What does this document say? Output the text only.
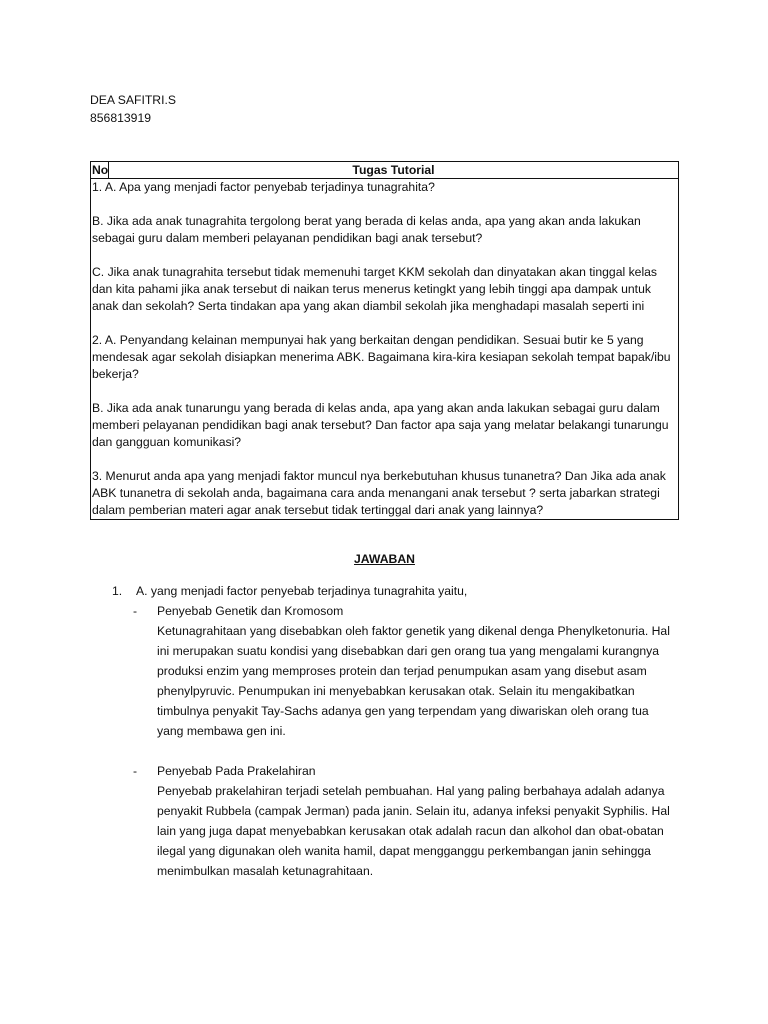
DEA SAFITRI.S
856813919
No	Tugas Tutorial

1. A. Apa yang menjadi factor penyebab terjadinya tunagrahita?

B. Jika ada anak tunagrahita tergolong berat yang berada di kelas anda, apa yang akan anda lakukan sebagai guru dalam memberi pelayanan pendidikan bagi anak tersebut?

C. Jika anak tunagrahita tersebut tidak memenuhi target KKM sekolah dan dinyatakan akan tinggal kelas dan kita pahami jika anak tersebut di naikan terus menerus ketingkt yang lebih tinggi apa dampak untuk anak dan sekolah? Serta tindakan apa yang akan diambil sekolah jika menghadapi masalah seperti ini

2. A. Penyandang kelainan mempunyai hak yang berkaitan dengan pendidikan. Sesuai butir ke 5 yang mendesak agar sekolah disiapkan menerima ABK. Bagaimana kira-kira kesiapan sekolah tempat bapak/ibu bekerja?

B. Jika ada anak tunarungu yang berada di kelas anda, apa yang akan anda lakukan sebagai guru dalam memberi pelayanan pendidikan bagi anak tersebut? Dan factor apa saja yang melatar belakangi tunarungu dan gangguan komunikasi?

3. Menurut anda apa yang menjadi faktor muncul nya berkebutuhan khusus tunanetra? Dan Jika ada anak ABK tunanetra di sekolah anda, bagaimana cara anda menangani anak tersebut ? serta jabarkan strategi dalam pemberian materi agar anak tersebut tidak tertinggal dari anak yang lainnya?

JAWABAN
1.	A. yang menjadi factor penyebab terjadinya tunagrahita yaitu,
-	Penyebab Genetik dan Kromosom
Ketunagrahitaan yang disebabkan oleh faktor genetik yang dikenal denga Phenylketonuria. Hal ini merupakan suatu kondisi yang disebabkan dari gen orang tua yang mengalami kurangnya produksi enzim yang memproses protein dan terjad penumpukan asam yang disebut asam phenylpyruvic. Penumpukan ini menyebabkan kerusakan otak. Selain itu mengakibatkan timbulnya penyakit Tay-Sachs adanya gen yang terpendam yang diwariskan oleh orang tua yang membawa gen ini.
-	Penyebab Pada Prakelahiran
Penyebab prakelahiran terjadi setelah pembuahan. Hal yang paling berbahaya adalah adanya penyakit Rubbela (campak Jerman) pada janin. Selain itu, adanya infeksi penyakit Syphilis. Hal lain yang juga dapat menyebabkan kerusakan otak adalah racun dan alkohol dan obat-obatan ilegal yang digunakan oleh wanita hamil, dapat mengganggu perkembangan janin sehingga menimbulkan masalah ketunagrahitaan.
